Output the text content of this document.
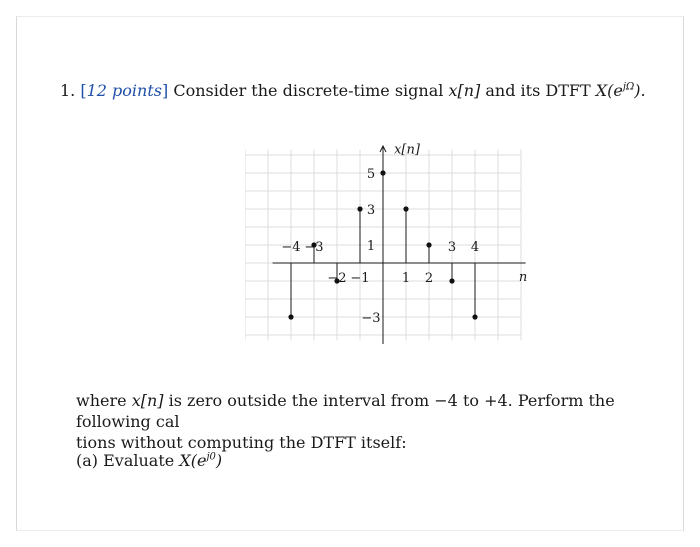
1. [12 points] Consider the discrete-time signal x[n] and its DTFT $X(e^{j\Omega})$.
x[n]
n
−4 −3
−2 −1 1 2
3 4
5
3
1
−3
where x[n] is zero outside the interval from −4 to +4. Perform the following cal
tions without computing the DTFT itself:
(a) Evaluate $X(e^{j0})$
